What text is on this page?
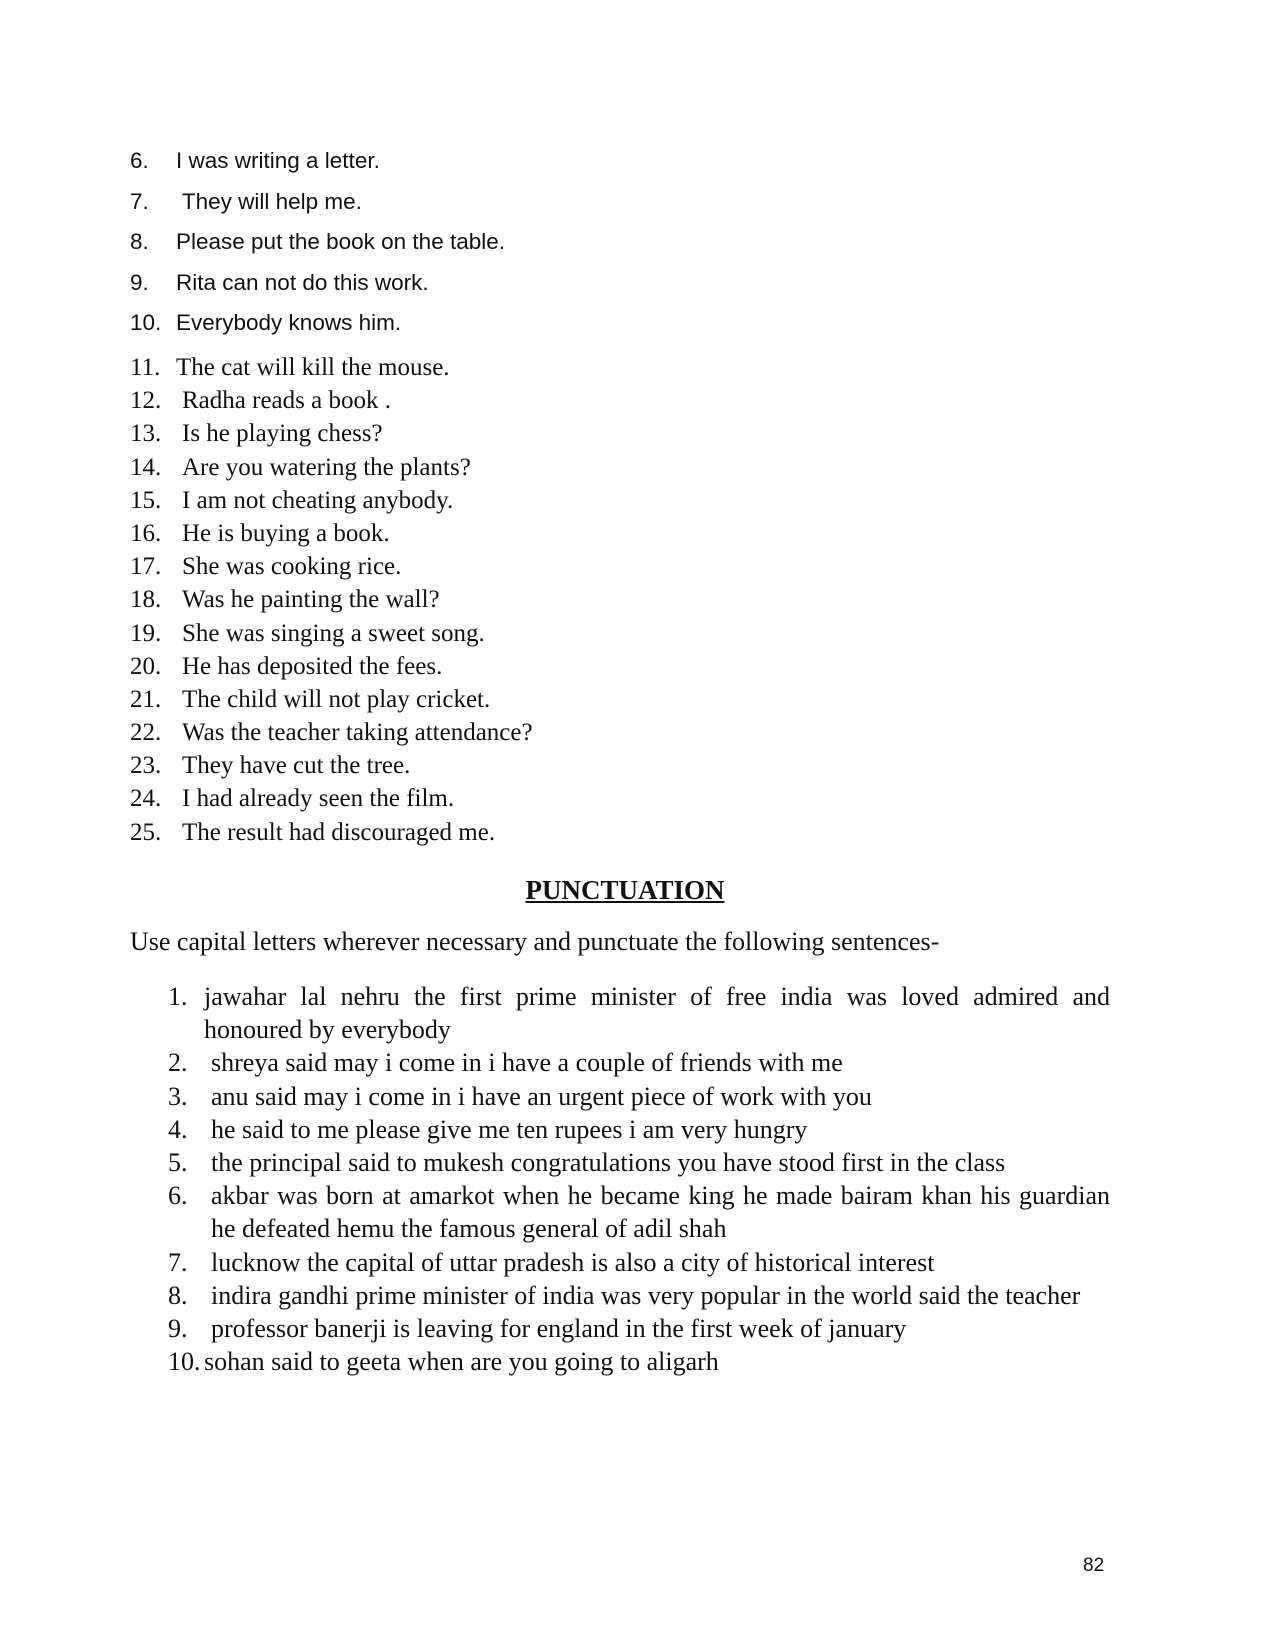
6. I was writing a letter.
7. They will help me.
8. Please put the book on the table.
9. Rita can not do this work.
10. Everybody knows him.
11. The cat will kill the mouse.
12. Radha reads a book .
13. Is he playing chess?
14. Are you watering the plants?
15. I am not cheating anybody.
16. He is buying a book.
17. She was cooking rice.
18. Was he painting the wall?
19. She was singing a sweet song.
20. He has deposited the fees.
21. The child will not play cricket.
22. Was the teacher taking attendance?
23. They have cut the tree.
24. I had already seen the film.
25. The result had discouraged me.
PUNCTUATION

Use capital letters wherever necessary and punctuate the following sentences-

1. jawahar lal nehru the first prime minister of free india was loved admired and honoured by everybody
2. shreya said may i come in i have a couple of friends with me
3. anu said may i come in i have an urgent piece of work with you
4. he said to me please give me ten rupees i am very hungry
5. the principal said to mukesh congratulations you have stood first in the class
6. akbar was born at amarkot when he became king he made bairam khan his guardian he defeated hemu the famous general of adil shah
7. lucknow the capital of uttar pradesh is also a city of historical interest
8. indira gandhi prime minister of india was very popular in the world said the teacher
9. professor banerji is leaving for england in the first week of january
10. sohan said to geeta when are you going to aligarh

82
